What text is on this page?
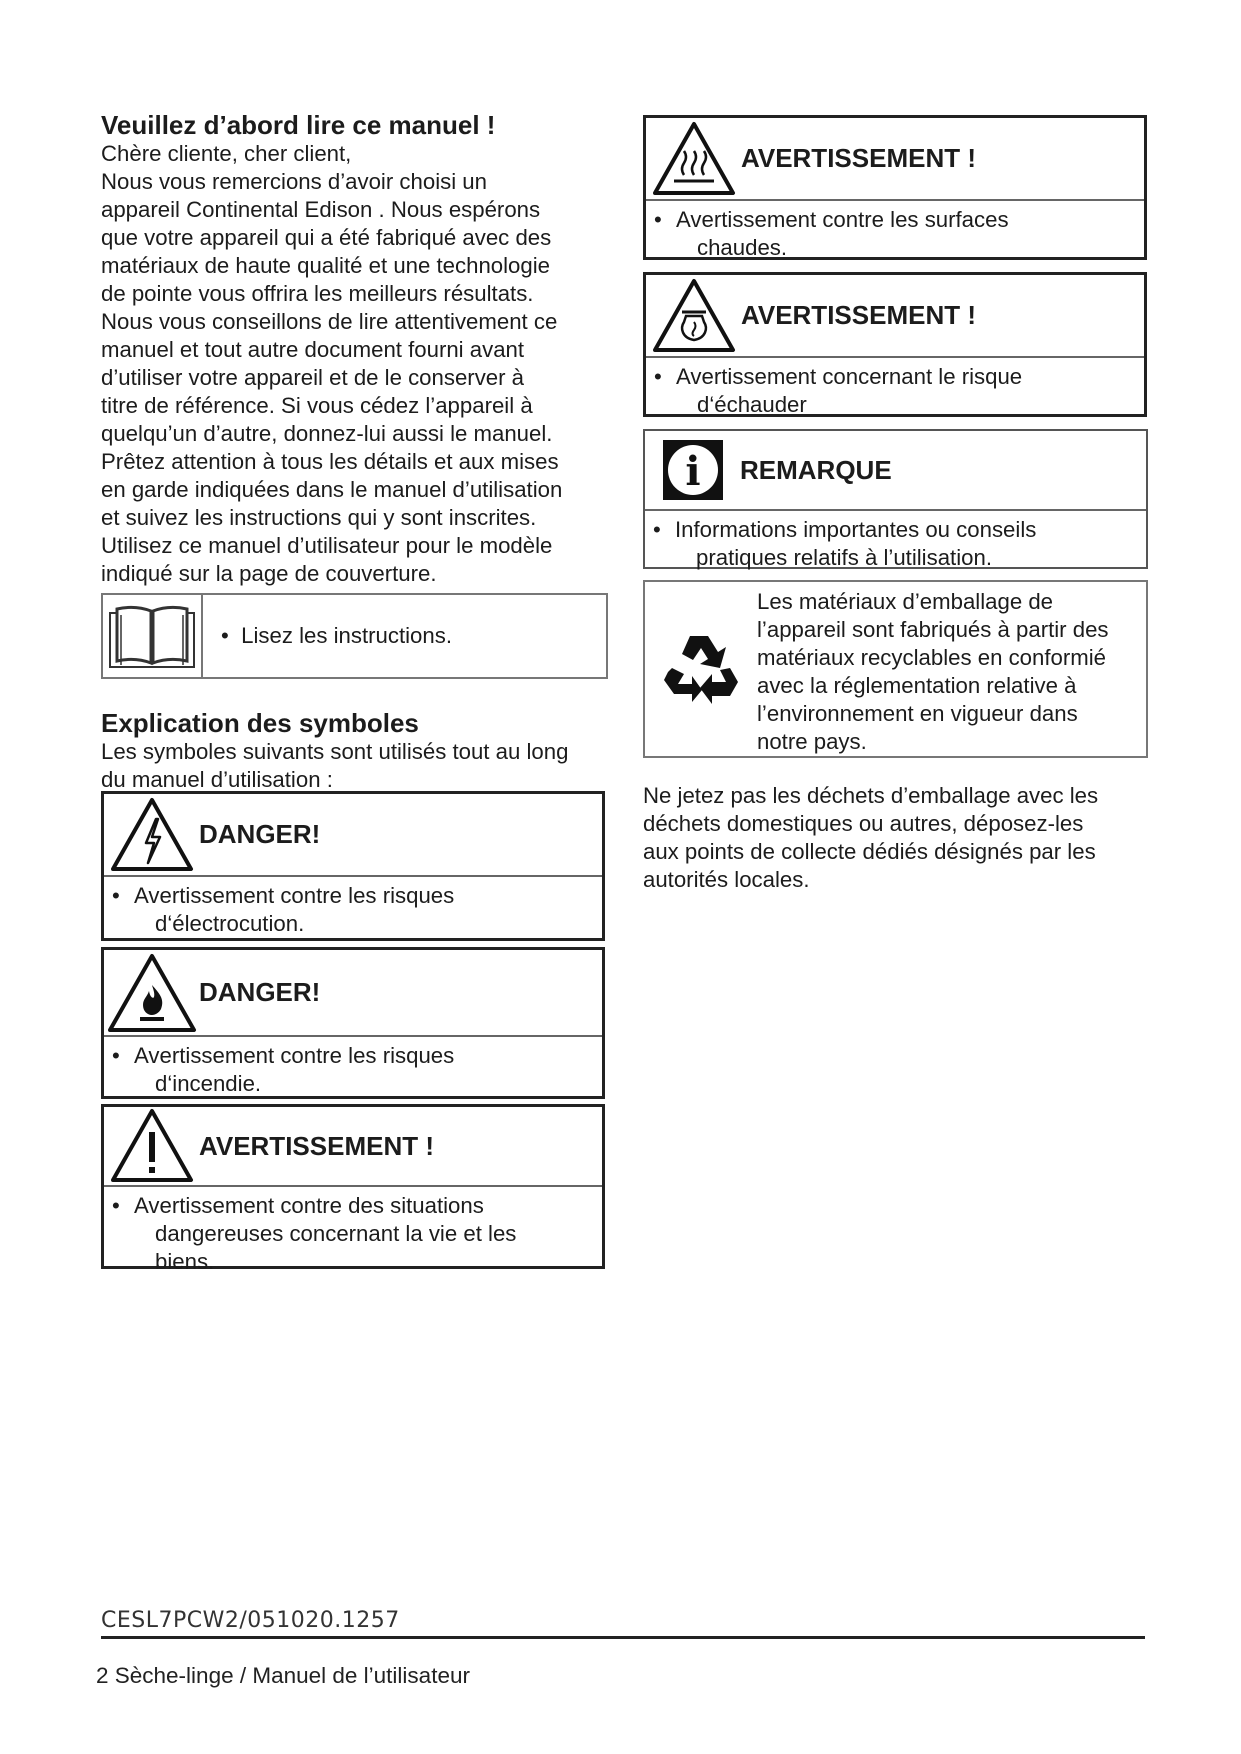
Veuillez d’abord lire ce manuel !

Chère cliente, cher client,

Nous vous remercions d’avoir choisi un

appareil Continental Edison . Nous espérons

que votre appareil qui a été fabriqué avec des

matériaux de haute qualité et une technologie

de pointe vous offrira les meilleurs résultats.

Nous vous conseillons de lire attentivement ce

manuel et tout autre document fourni avant

d’utiliser votre appareil et de le conserver à

titre de référence. Si vous cédez l’appareil à

quelqu’un d’autre, donnez-lui aussi le manuel.

Prêtez attention à tous les détails et aux mises

en garde indiquées dans le manuel d’utilisation

et suivez les instructions qui y sont inscrites.

Utilisez ce manuel d’utilisateur pour le modèle

indiqué sur la page de couverture.

• Lisez les instructions.
Explication des symboles

Les symboles suivants sont utilisés tout au long

du manuel d’utilisation :

DANGER!
• Avertissement contre les risques
d‘électrocution.
DANGER!
• Avertissement contre les risques
d‘incendie.
AVERTISSEMENT !
• Avertissement contre des situations
dangereuses concernant la vie et les
biens.
AVERTISSEMENT !
• Avertissement contre les surfaces
chaudes.
AVERTISSEMENT !
• Avertissement concernant le risque
d‘échauder
i REMARQUE
• Informations importantes ou conseils
pratiques relatifs à l’utilisation.
Les matériaux d’emballage de
l’appareil sont fabriqués à partir des
matériaux recyclables en conformié
avec la réglementation relative à
l’environnement en vigueur dans
notre pays.

Ne jetez pas les déchets d’emballage avec les

déchets domestiques ou autres, déposez-les

aux points de collecte dédiés désignés par les

autorités locales.

CESL7PCW2/051020.1257
2 Sèche-linge / Manuel de l’utilisateur
